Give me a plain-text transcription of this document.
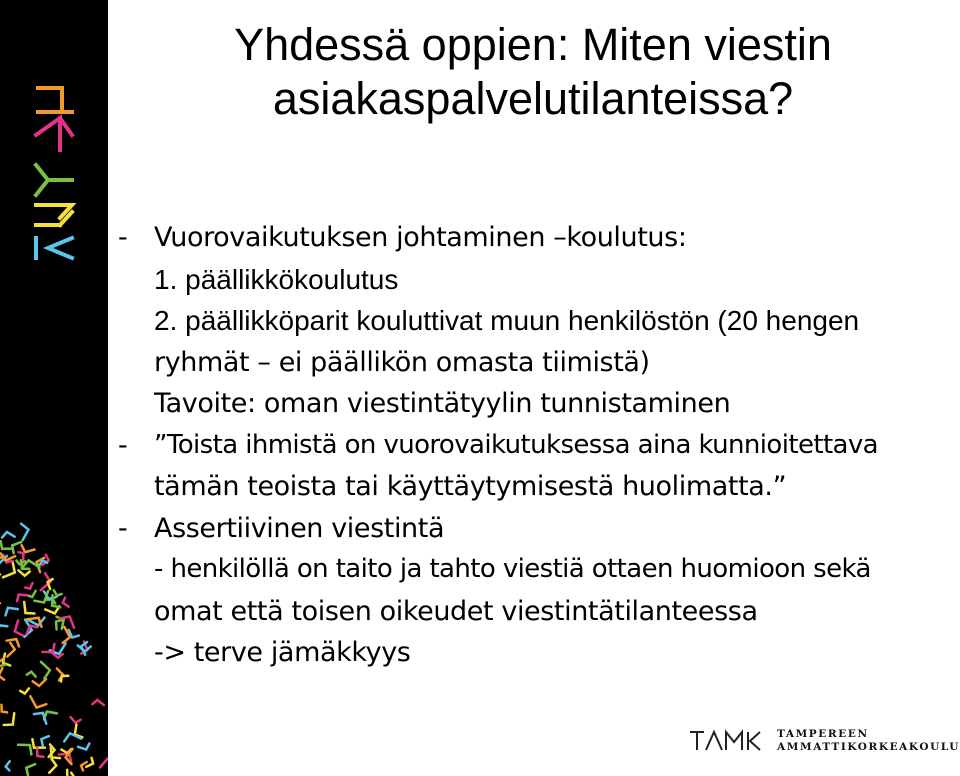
Yhdessä oppien: Miten viestin
asiakaspalvelutilanteissa?
- Vuorovaikutuksen johtaminen –koulutus:
1. päällikkökoulutus
2. päällikköparit kouluttivat muun henkilöstön (20 hengen
ryhmät – ei päällikön omasta tiimistä)
Tavoite: oman viestintätyylin tunnistaminen
- ”Toista ihmistä on vuorovaikutuksessa aina kunnioitettava
tämän teoista tai käyttäytymisestä huolimatta.”
- Assertiivinen viestintä
- henkilöllä on taito ja tahto viestiä ottaen huomioon sekä
omat että toisen oikeudet viestintätilanteessa
-> terve jämäkkyys
TAMPEREEN
AMMATTIKORKEAKOULU
